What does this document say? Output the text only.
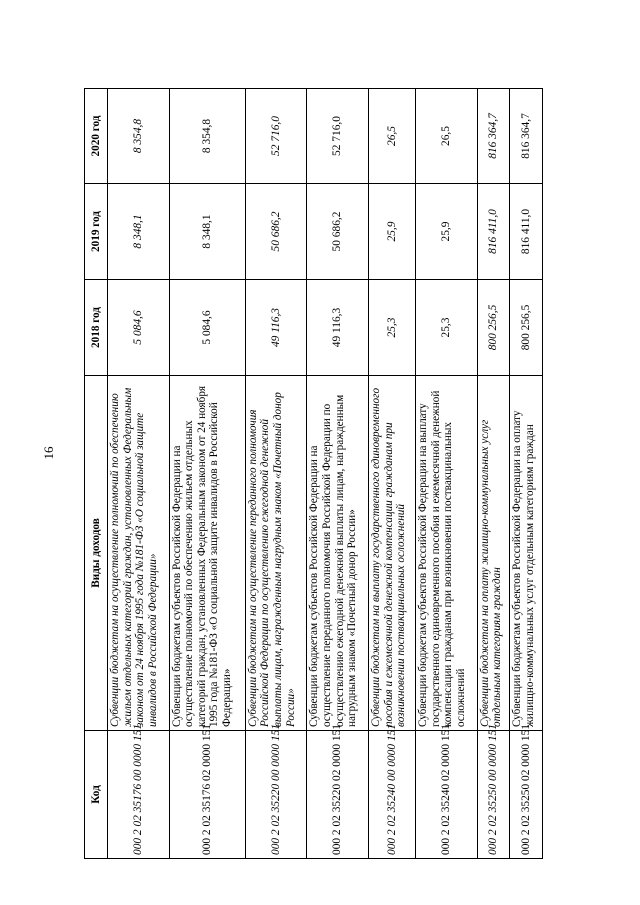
16
Код	Виды доходов	2018 год	2019 год	2020 год
000 2 02 35176 00 0000 151	Субвенции бюджетам на осуществление полномочий по обеспечению жильем отдельных категорий граждан, установленных Федеральным законом от 24 ноября 1995 года №181-ФЗ «О социальной защите инвалидов в Российской Федерации»	5 084,6	8 348,1	8 354,8
000 2 02 35176 02 0000 151	Субвенции бюджетам субъектов Российской Федерации на осуществление полномочий по обеспечению жильем отдельных категорий граждан, установленных Федеральным законом от 24 ноября 1995 года №181-ФЗ «О социальной защите инвалидов в Российской Федерации»	5 084,6	8 348,1	8 354,8
000 2 02 35220 00 0000 151	Субвенции бюджетам на осуществление переданного полномочия Российской Федерации по осуществлению ежегодной денежной выплаты лицам, награжденным нагрудным знаком «Почетный донор России»	49 116,3	50 686,2	52 716,0
000 2 02 35220 02 0000 151	Субвенции бюджетам субъектов Российской Федерации на осуществление переданного полномочия Российской Федерации по осуществлению ежегодной денежной выплаты лицам, награжденным нагрудным знаком «Почетный донор России»	49 116,3	50 686,2	52 716,0
000 2 02 35240 00 0000 151	Субвенции бюджетам на выплату государственного единовременного пособия и ежемесячной денежной компенсации гражданам при возникновении поствакцинальных осложнений	25,3	25,9	26,5
000 2 02 35240 02 0000 151	Субвенции бюджетам субъектов Российской Федерации на выплату государственного единовременного пособия и ежемесячной денежной компенсации гражданам при возникновении поствакцинальных осложнений	25,3	25,9	26,5
000 2 02 35250 00 0000 151	Субвенции бюджетам на оплату жилищно-коммунальных услуг отдельным категориям граждан	800 256,5	816 411,0	816 364,7
000 2 02 35250 02 0000 151	Субвенции бюджетам субъектов Российской Федерации на оплату жилищно-коммунальных услуг отдельным категориям граждан	800 256,5	816 411,0	816 364,7
